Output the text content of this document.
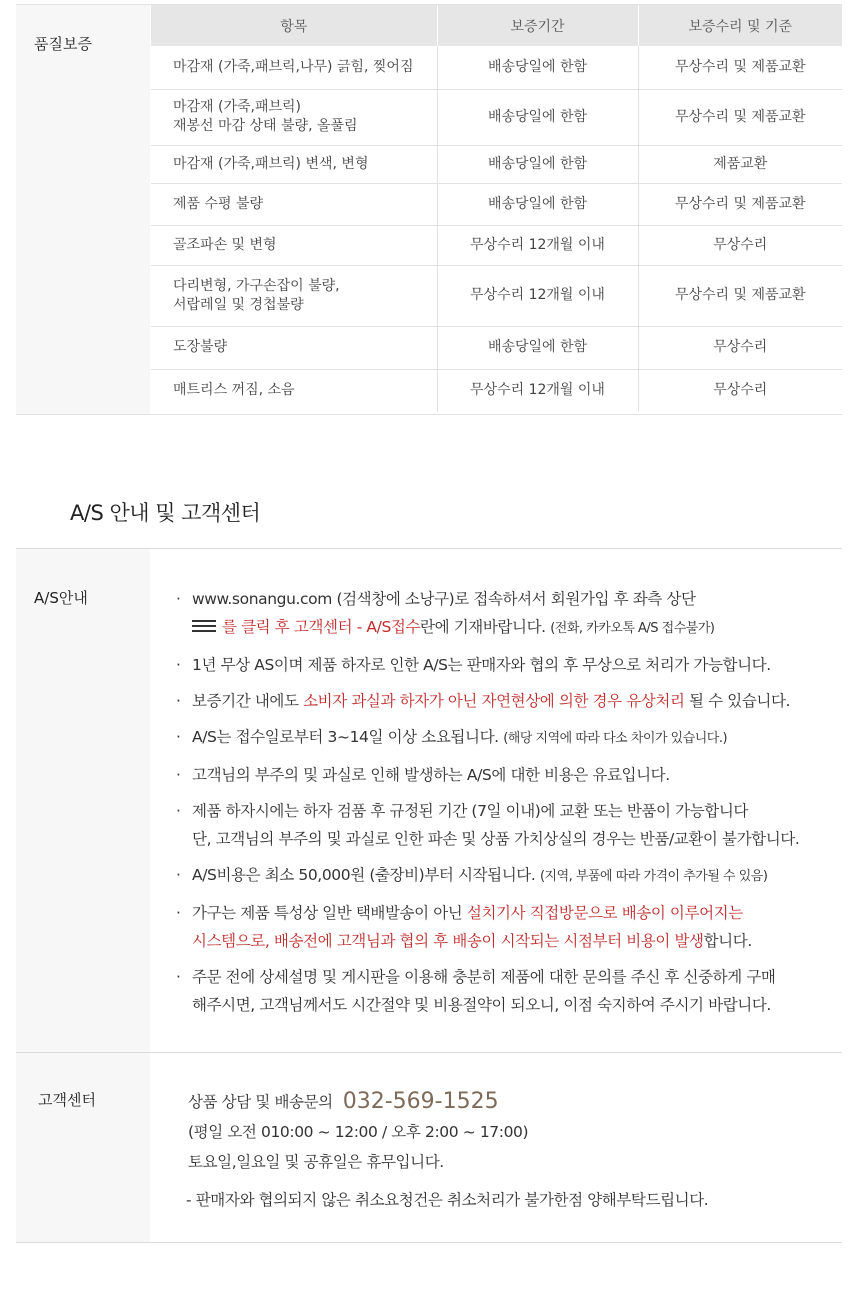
품질보증
항목	보증기간	보증수리 및 기준

마감재 (가죽,패브릭,나무) 긁힘, 찢어짐	배송당일에 한함	무상수리 및 제품교환

마감재 (가죽,패브릭)
재봉선 마감 상태 불량, 올풀림	배송당일에 한함	무상수리 및 제품교환

마감재 (가죽,패브릭) 변색, 변형	배송당일에 한함	제품교환

제품 수평 불량	배송당일에 한함	무상수리 및 제품교환

골조파손 및 변형	무상수리 12개월 이내	무상수리

다리변형, 가구손잡이 불량,
서랍레일 및 경첩불량	무상수리 12개월 이내	무상수리 및 제품교환

도장불량	배송당일에 한함	무상수리

매트리스 꺼짐, 소음	무상수리 12개월 이내	무상수리
A/S 안내 및 고객센터
A/S안내	· www.sonangu.com (검색창에 소낭구)로 접속하셔서 회원가입 후 좌측 상단

를 클릭 후 고객센터 - A/S접수란에 기재바랍니다. (전화, 카카오톡 A/S 접수불가)
· 1년 무상 AS이며 제품 하자로 인한 A/S는 판매자와 협의 후 무상으로 처리가 가능합니다.
· 보증기간 내에도 소비자 과실과 하자가 아닌 자연현상에 의한 경우 유상처리 될 수 있습니다.
· A/S는 접수일로부터 3~14일 이상 소요됩니다. (해당 지역에 따라 다소 차이가 있습니다.)
· 고객님의 부주의 및 과실로 인해 발생하는 A/S에 대한 비용은 유료입니다.
· 제품 하자시에는 하자 검품 후 규정된 기간 (7일 이내)에 교환 또는 반품이 가능합니다
단, 고객님의 부주의 및 과실로 인한 파손 및 상품 가치상실의 경우는 반품/교환이 불가합니다.
· A/S비용은 최소 50,000원 (출장비)부터 시작됩니다. (지역, 부품에 따라 가격이 추가될 수 있음)
· 가구는 제품 특성상 일반 택배발송이 아닌 설치기사 직접방문으로 배송이 이루어지는
시스템으로, 배송전에 고객님과 협의 후 배송이 시작되는 시점부터 비용이 발생합니다.
· 주문 전에 상세설명 및 게시판을 이용해 충분히 제품에 대한 문의를 주신 후 신중하게 구매
해주시면, 고객님께서도 시간절약 및 비용절약이 되오니, 이점 숙지하여 주시기 바랍니다.
고객센터	상품 상담 및 배송문의 032-569-1525
(평일 오전 010:00 ~ 12:00 / 오후 2:00 ~ 17:00)
토요일,일요일 및 공휴일은 휴무입니다.
- 판매자와 협의되지 않은 취소요청건은 취소처리가 불가한점 양해부탁드립니다.
